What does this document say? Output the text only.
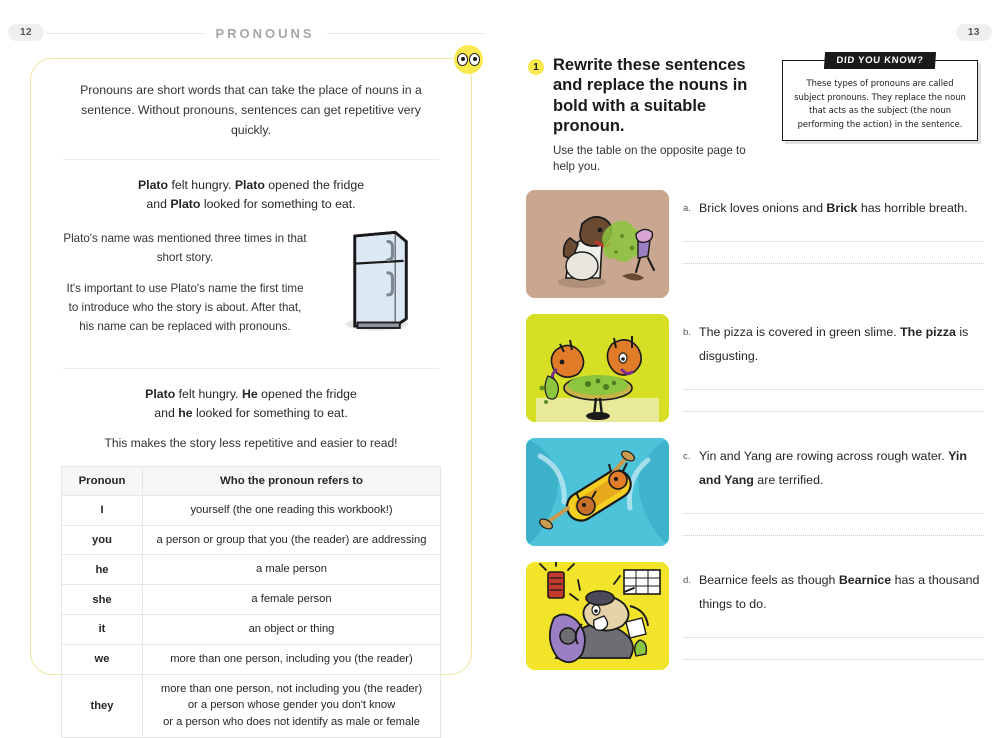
12	PRONOUNS
Pronouns are short words that can take the place of nouns in a sentence. Without pronouns, sentences can get repetitive very quickly.
Plato felt hungry. Plato opened the fridge
and Plato looked for something to eat.

Plato's name was mentioned three times in that short story.

It's important to use Plato's name the first time to introduce who the story is about. After that, his name can be replaced with pronouns.

Plato felt hungry. He opened the fridge
and he looked for something to eat.
This makes the story less repetitive and easier to read!
Pronoun	Who the pronoun refers to
I	yourself (the one reading this workbook!)
you	a person or group that you (the reader) are addressing
he	a male person
she	a female person
it	an object or thing
we	more than one person, including you (the reader)
they	more than one person, not including you (the reader)
or a person whose gender you don't know
or a person who does not identify as male or female
13
1 Rewrite these sentences and replace the nouns in bold with a suitable pronoun.
Use the table on the opposite page to help you.
DID YOU KNOW?
These types of pronouns are called subject pronouns. They replace the noun that acts as the subject (the noun performing the action) in the sentence.
a. Brick loves onions and Brick has horrible breath.
b. The pizza is covered in green slime. The pizza is disgusting.
c. Yin and Yang are rowing across rough water. Yin and Yang are terrified.
d. Bearnice feels as though Bearnice has a thousand things to do.
